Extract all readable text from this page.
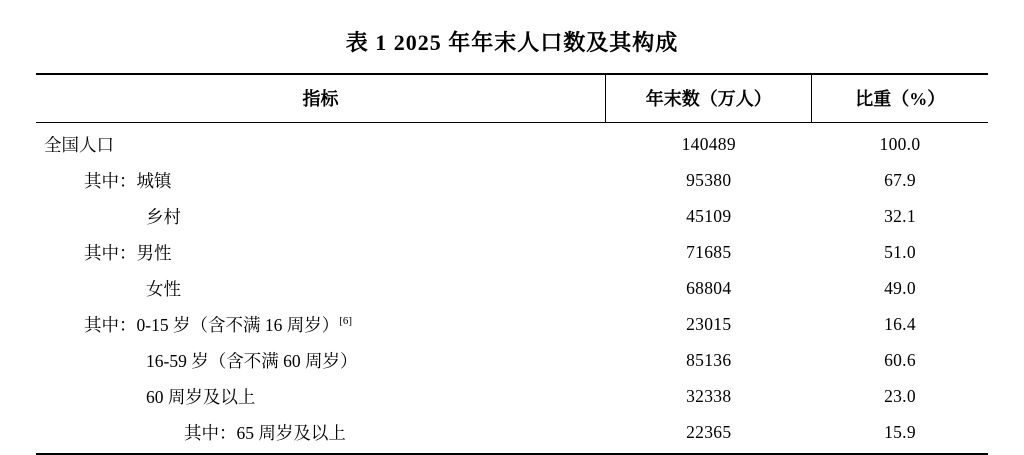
表 1 2025 年年末人口数及其构成
指标	年末数（万人）	比重（%）

全国人口	140489	100.0

其中：城镇	95380	67.9

乡村	45109	32.1

其中：男性	71685	51.0

女性	68804	49.0

其中：0-15 岁（含不满 16 周岁）[6]	23015	16.4

16-59 岁（含不满 60 周岁）	85136	60.6

60 周岁及以上	32338	23.0

其中：65 周岁及以上	22365	15.9
